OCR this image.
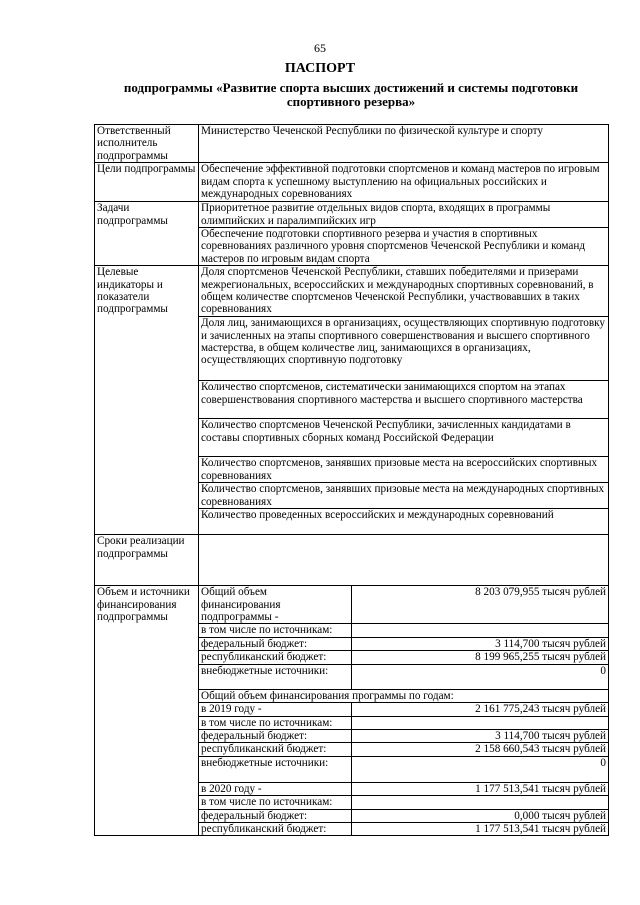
65
ПАСПОРТ
подпрограммы «Развитие спорта высших достижений и системы подготовки спортивного резерва»
Ответственный исполнитель подпрограммы	Министерство Чеченской Республики по физической культуре и спорту	
Цели подпрограммы	Обеспечение эффективной подготовки спортсменов и команд мастеров по игровым видам спорта к успешному выступлению на официальных российских и международных соревнованиях	
Задачи подпрограммы	Приоритетное развитие отдельных видов спорта, входящих в программы олимпийских и паралимпийских игр	
	Обеспечение подготовки спортивного резерва и участия в спортивных соревнованиях различного уровня спортсменов Чеченской Республики и команд мастеров по игровым видам спорта	
Целевые индикаторы и показатели подпрограммы	Доля спортсменов Чеченской Республики, ставших победителями и призерами межрегиональных, всероссийских и международных спортивных соревнований, в общем количестве спортсменов Чеченской Республики, участвовавших в таких соревнованиях	
	Доля лиц, занимающихся в организациях, осуществляющих спортивную подготовку и зачисленных на этапы спортивного совершенствования и высшего спортивного мастерства, в общем количестве лиц, занимающихся в организациях, осуществляющих спортивную подготовку	
	Количество спортсменов, систематически занимающихся спортом на этапах совершенствования спортивного мастерства и высшего спортивного мастерства	
	Количество спортсменов Чеченской Республики, зачисленных кандидатами в составы спортивных сборных команд Российской Федерации	
	Количество спортсменов, занявших призовые места на всероссийских спортивных соревнованиях	
	Количество спортсменов, занявших призовые места на международных спортивных соревнованиях	
	Количество проведенных всероссийских и международных соревнований	
Сроки реализации подпрограммы		
Объем и источники финансирования подпрограммы	Общий объем финансирования подпрограммы -	8 203 079,955 тысяч рублей
	в том числе по источникам:	
	федеральный бюджет:	3 114,700 тысяч рублей
	республиканский бюджет:	8 199 965,255 тысяч рублей
	внебюджетные источники:	0
	Общий объем финансирования программы по годам:	
	в 2019 году -	2 161 775,243 тысяч рублей
	в том числе по источникам:	
	федеральный бюджет:	3 114,700 тысяч рублей
	республиканский бюджет:	2 158 660,543 тысяч рублей
	внебюджетные источники:	0
	в 2020 году -	1 177 513,541 тысяч рублей
	в том числе по источникам:	
	федеральный бюджет:	0,000 тысяч рублей
	республиканский бюджет:	1 177 513,541 тысяч рублей
